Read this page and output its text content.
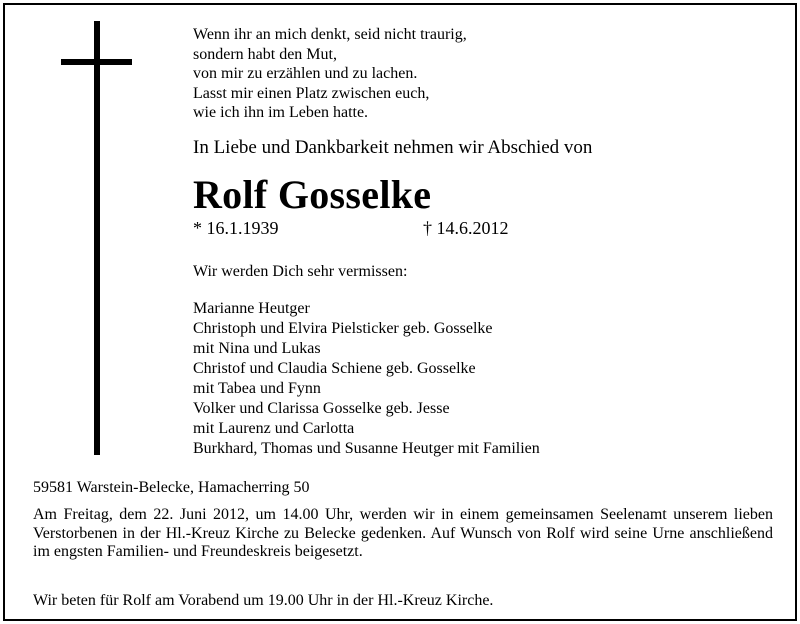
Wenn ihr an mich denkt, seid nicht traurig,
sondern habt den Mut,
von mir zu erzählen und zu lachen.
Lasst mir einen Platz zwischen euch,
wie ich ihn im Leben hatte.
In Liebe und Dankbarkeit nehmen wir Abschied von
Rolf Gosselke
* 16.1.1939	† 14.6.2012
Wir werden Dich sehr vermissen:
Marianne Heutger
Christoph und Elvira Pielsticker geb. Gosselke
mit Nina und Lukas
Christof und Claudia Schiene geb. Gosselke
mit Tabea und Fynn
Volker und Clarissa Gosselke geb. Jesse
mit Laurenz und Carlotta
Burkhard, Thomas und Susanne Heutger mit Familien
59581 Warstein-Belecke, Hamacherring 50
Am Freitag, dem 22. Juni 2012, um 14.00 Uhr, werden wir in einem gemeinsamen Seelenamt unserem lieben Verstorbenen in der Hl.-Kreuz Kirche zu Belecke gedenken. Auf Wunsch von Rolf wird seine Urne anschließend im engsten Familien- und Freundeskreis beigesetzt.
Wir beten für Rolf am Vorabend um 19.00 Uhr in der Hl.-Kreuz Kirche.
